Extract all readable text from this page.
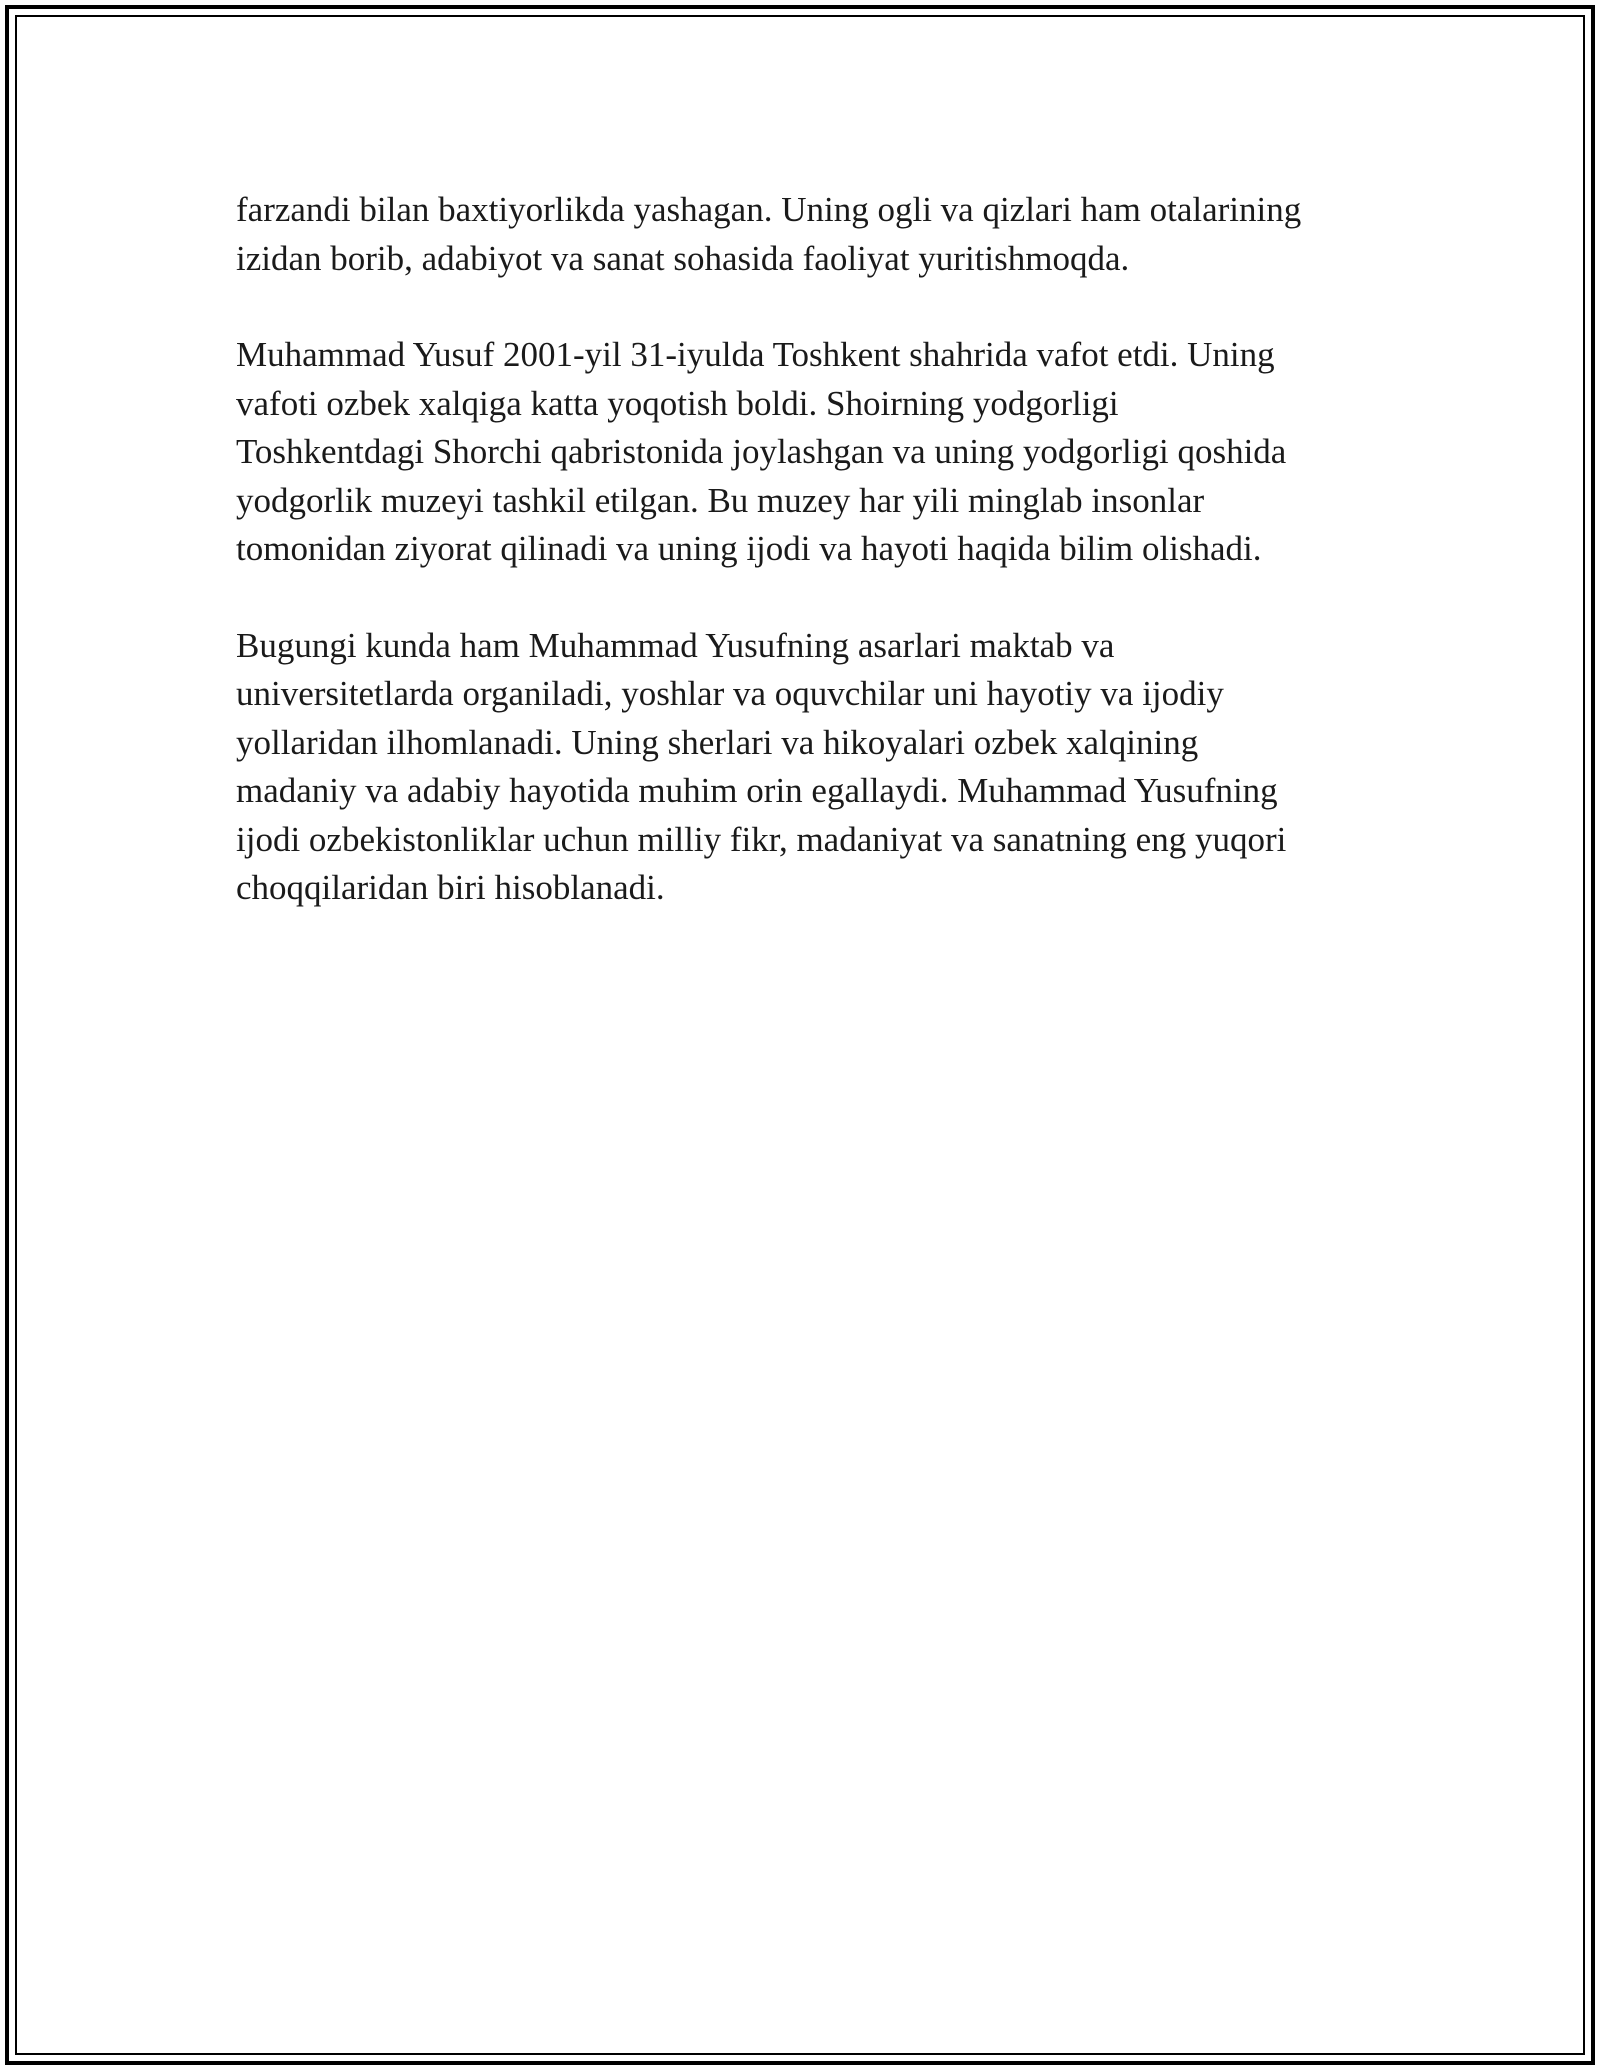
farzandi bilan baxtiyorlikda yashagan. Uning ogli va qizlari ham otalarining
izidan borib, adabiyot va sanat sohasida faoliyat yuritishmoqda.

Muhammad Yusuf 2001-yil 31-iyulda Toshkent shahrida vafot etdi. Uning
vafoti ozbek xalqiga katta yoqotish boldi. Shoirning yodgorligi
Toshkentdagi Shorchi qabristonida joylashgan va uning yodgorligi qoshida
yodgorlik muzeyi tashkil etilgan. Bu muzey har yili minglab insonlar
tomonidan ziyorat qilinadi va uning ijodi va hayoti haqida bilim olishadi.

Bugungi kunda ham Muhammad Yusufning asarlari maktab va
universitetlarda organiladi, yoshlar va oquvchilar uni hayotiy va ijodiy
yollaridan ilhomlanadi. Uning sherlari va hikoyalari ozbek xalqining
madaniy va adabiy hayotida muhim orin egallaydi. Muhammad Yusufning
ijodi ozbekistonliklar uchun milliy fikr, madaniyat va sanatning eng yuqori
choqqilaridan biri hisoblanadi.
